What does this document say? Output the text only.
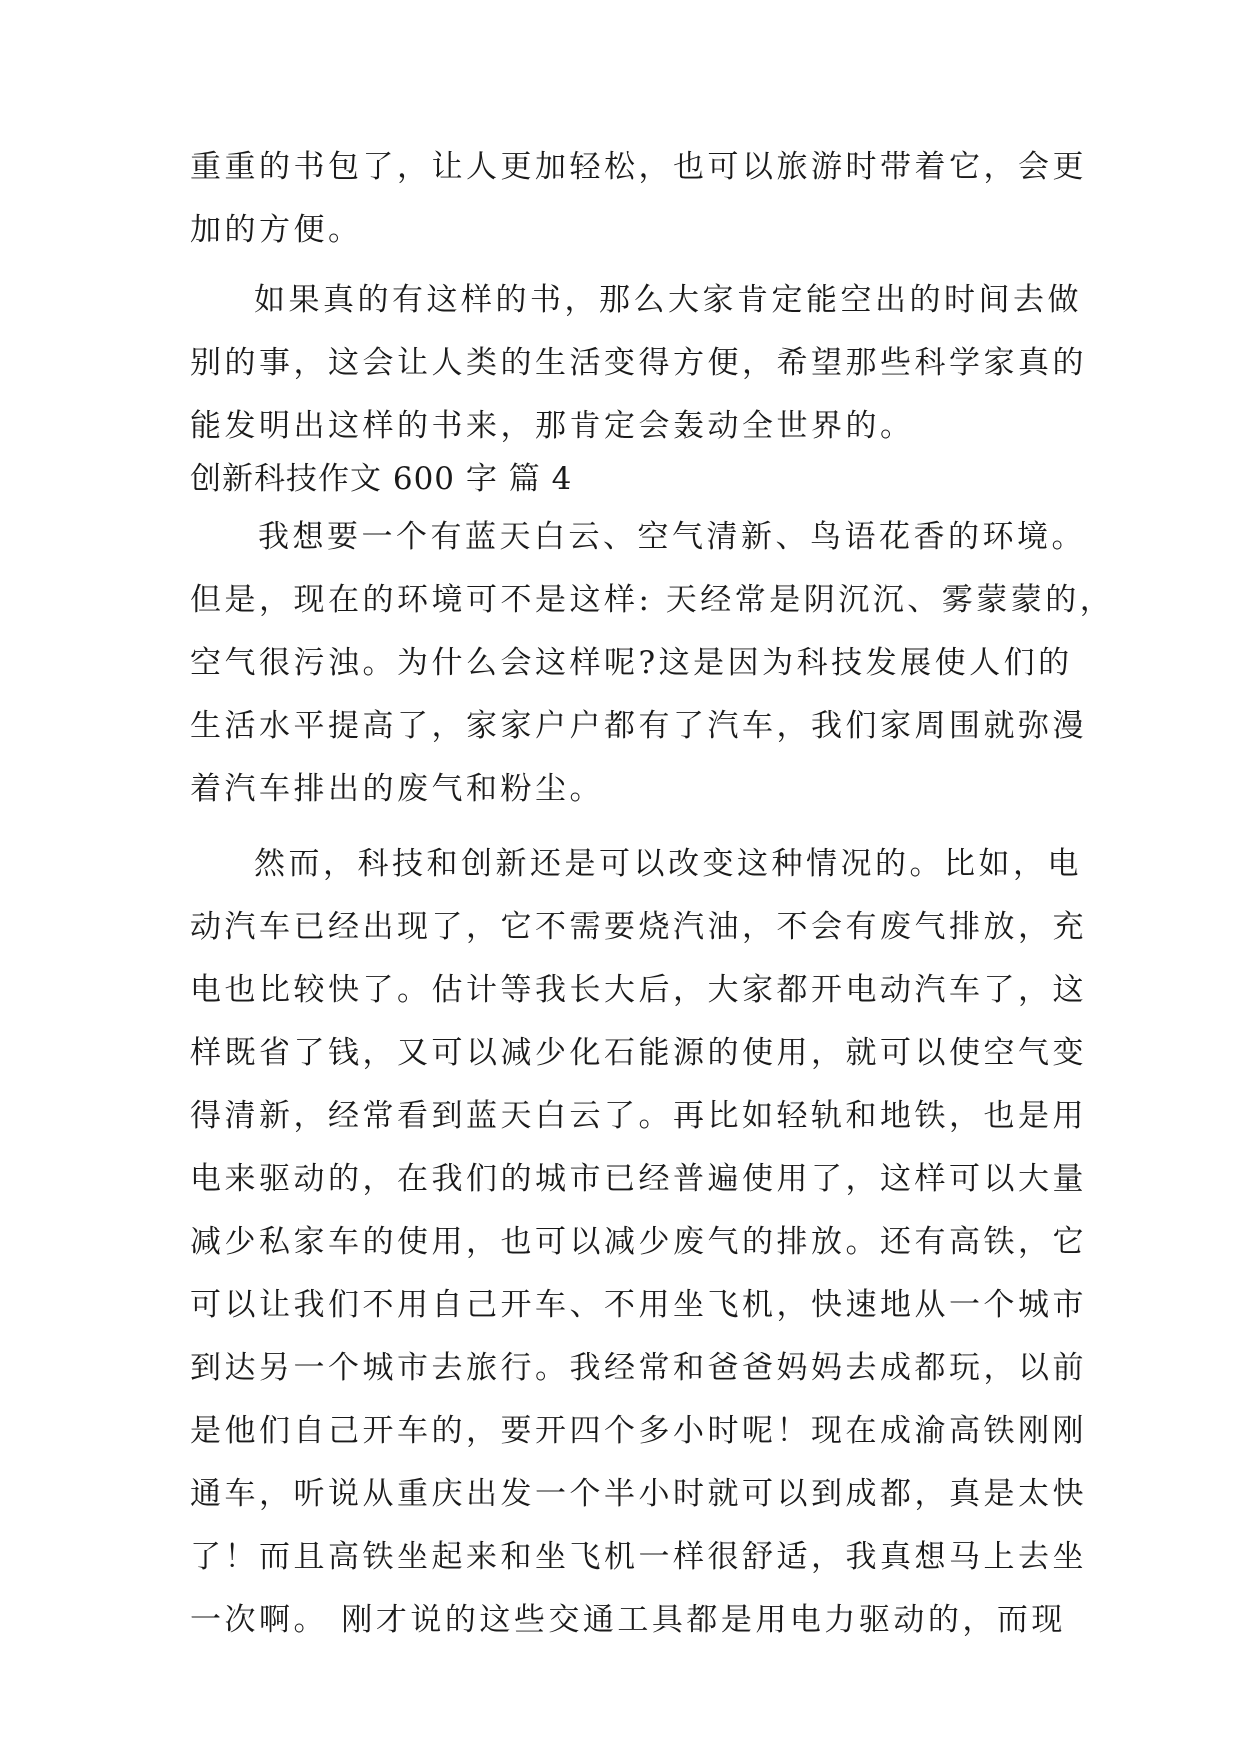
重重的书包了，让人更加轻松，也可以旅游时带着它，会更
加的方便。
如果真的有这样的书，那么大家肯定能空出的时间去做
别的事，这会让人类的生活变得方便，希望那些科学家真的
能发明出这样的书来，那肯定会轰动全世界的。
创新科技作文 600 字 篇 4
我想要一个有蓝天白云、空气清新、鸟语花香的环境。
但是，现在的环境可不是这样: 天经常是阴沉沉、雾蒙蒙的，
空气很污浊。为什么会这样呢?这是因为科技发展使人们的
生活水平提高了，家家户户都有了汽车，我们家周围就弥漫
着汽车排出的废气和粉尘。
然而，科技和创新还是可以改变这种情况的。比如，电
动汽车已经出现了，它不需要烧汽油，不会有废气排放，充
电也比较快了。估计等我长大后，大家都开电动汽车了，这
样既省了钱，又可以减少化石能源的使用，就可以使空气变
得清新，经常看到蓝天白云了。再比如轻轨和地铁，也是用
电来驱动的，在我们的城市已经普遍使用了，这样可以大量
减少私家车的使用，也可以减少废气的排放。还有高铁，它
可以让我们不用自己开车、不用坐飞机，快速地从一个城市
到达另一个城市去旅行。我经常和爸爸妈妈去成都玩，以前
是他们自己开车的，要开四个多小时呢！现在成渝高铁刚刚
通车，听说从重庆出发一个半小时就可以到成都，真是太快
了！而且高铁坐起来和坐飞机一样很舒适，我真想马上去坐
一次啊。 刚才说的这些交通工具都是用电力驱动的，而现
